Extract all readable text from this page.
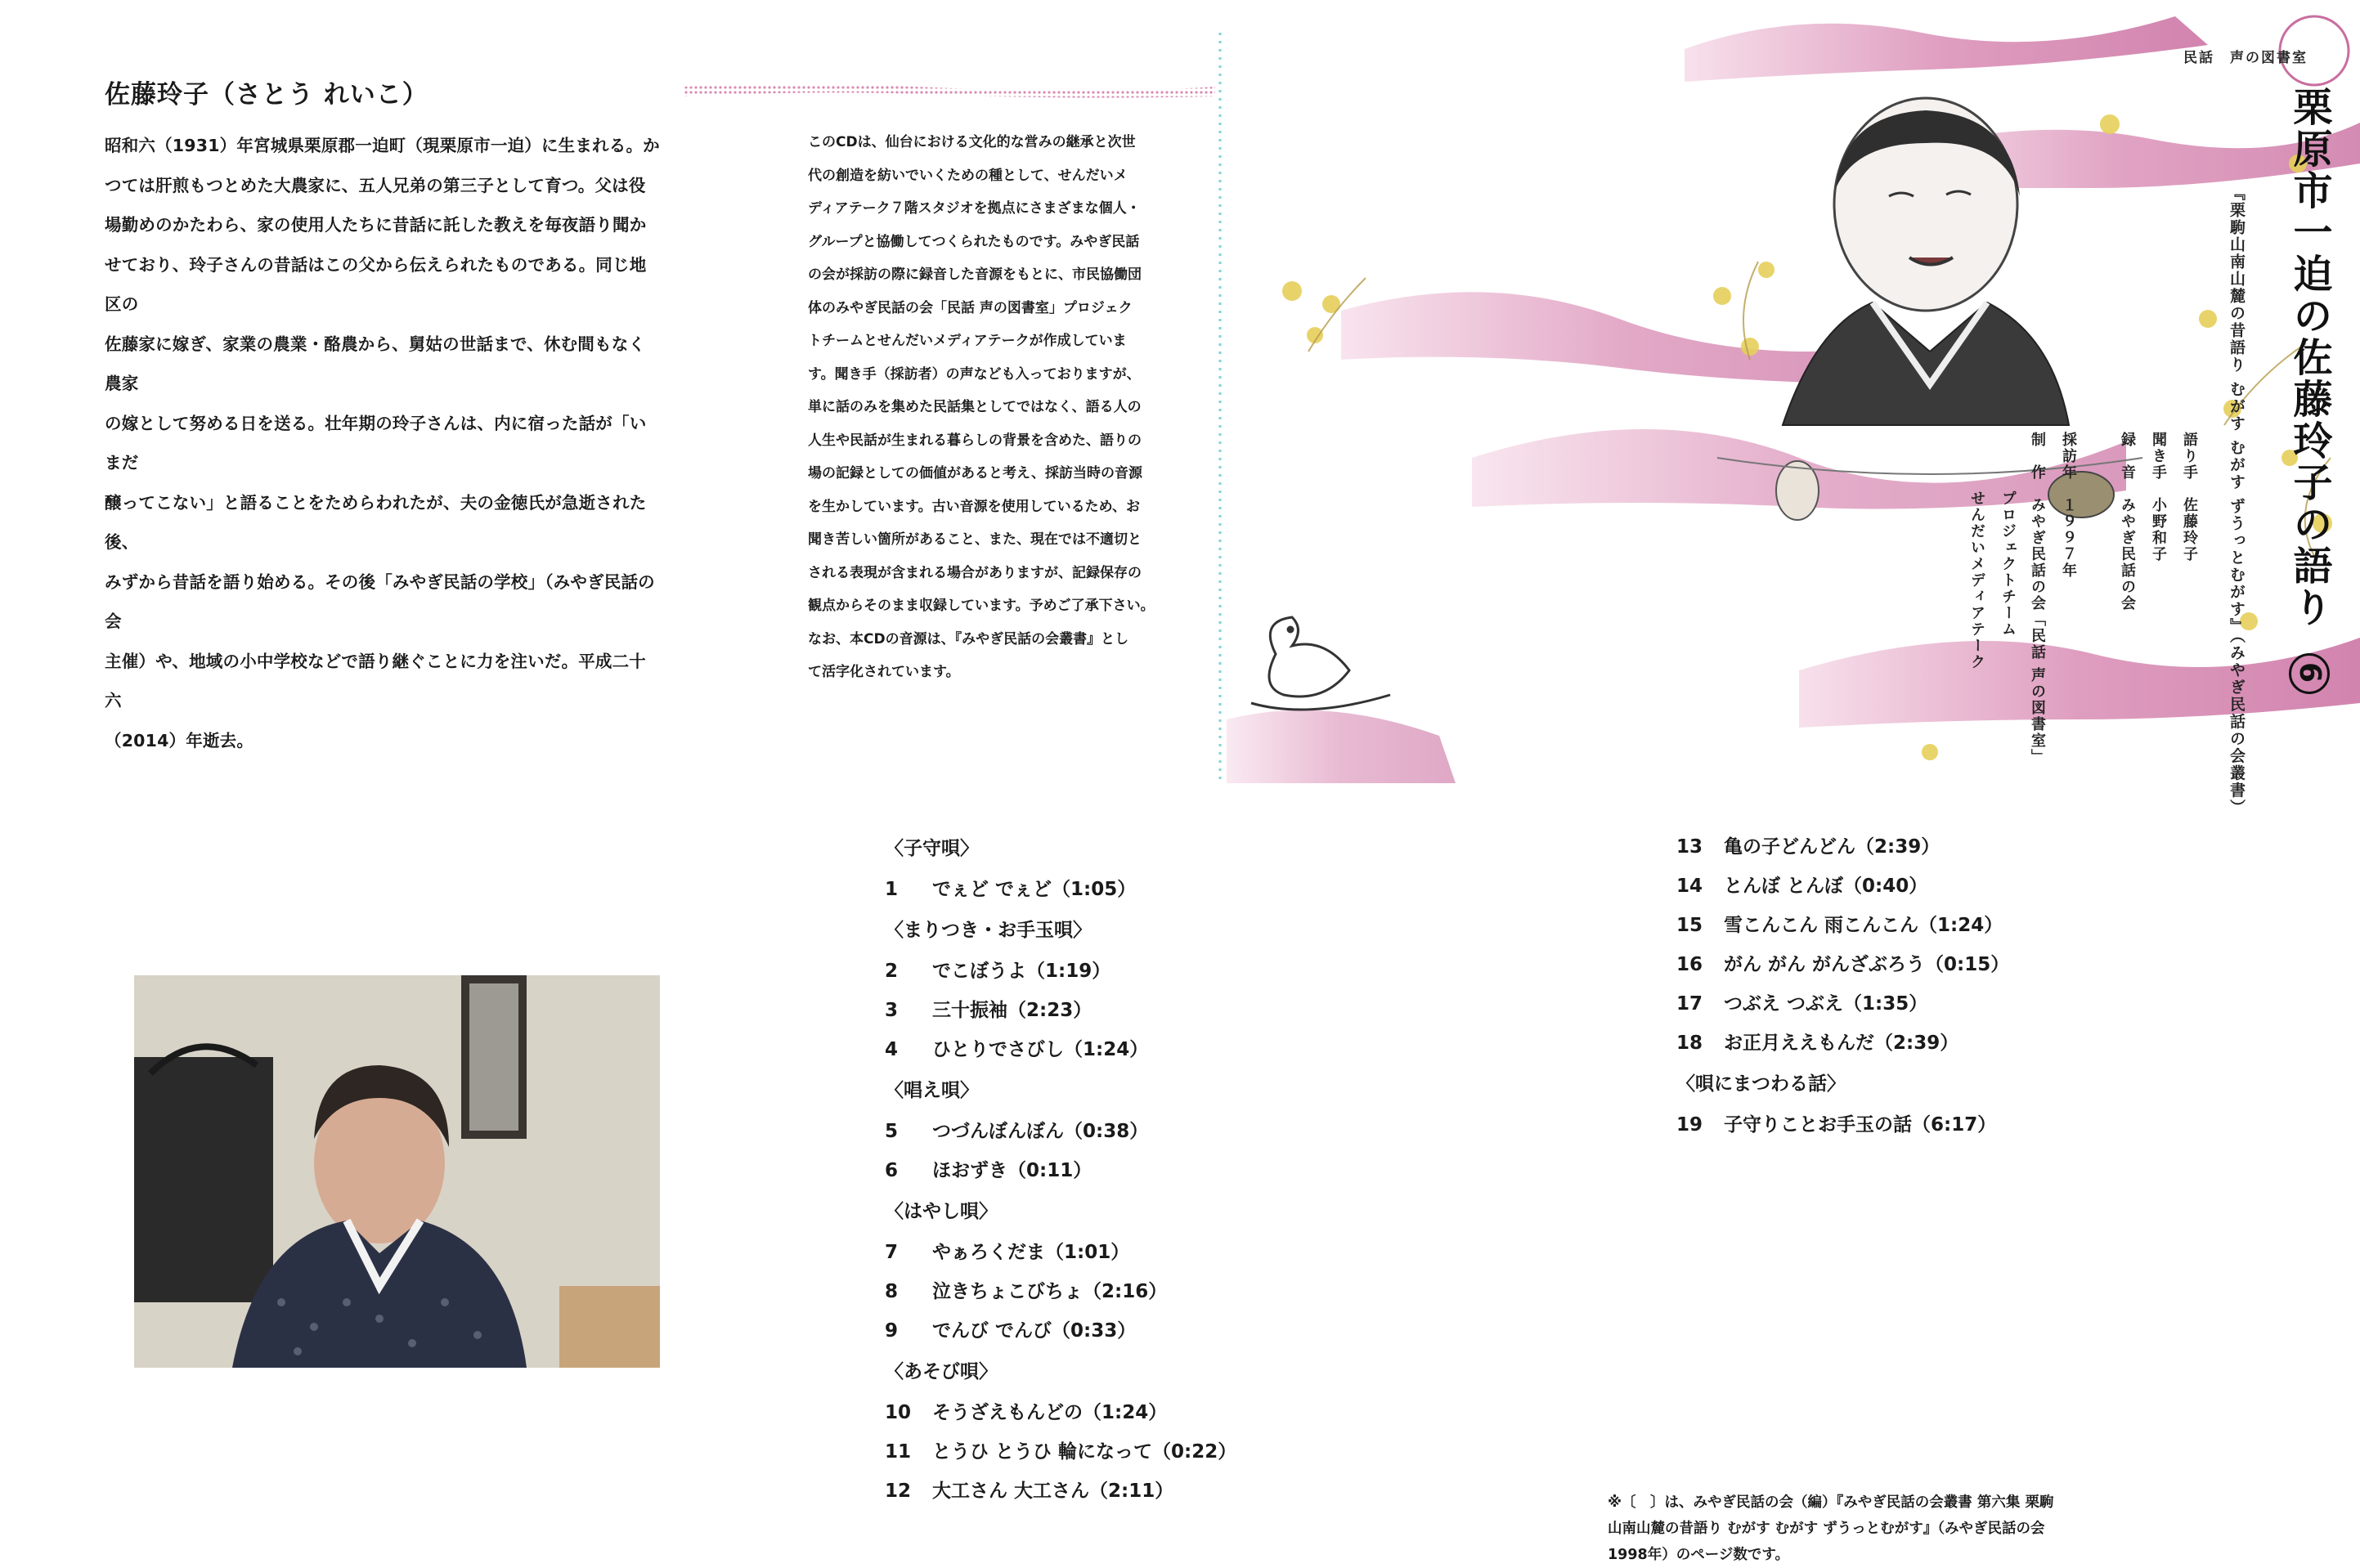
佐藤玲子（さとう れいこ）

昭和六（1931）年宮城県栗原郡一迫町（現栗原市一迫）に生まれる。か

つては肝煎もつとめた大農家に、五人兄弟の第三子として育つ。父は役

場勤めのかたわら、家の使用人たちに昔話に託した教えを毎夜語り聞か

せており、玲子さんの昔話はこの父から伝えられたものである。同じ地区の

佐藤家に嫁ぎ、家業の農業・酪農から、舅姑の世話まで、休む間もなく農家

の嫁として努める日を送る。壮年期の玲子さんは、内に宿った話が「いまだ

醸ってこない」と語ることをためらわれたが、夫の金徳氏が急逝された後、

みずから昔話を語り始める。その後「みやぎ民話の学校」（みやぎ民話の会

主催）や、地域の小中学校などで語り継ぐことに力を注いだ。平成二十六

（2014）年逝去。

このCDは、仙台における文化的な営みの継承と次世
代の創造を紡いでいくための種として、せんだいメ
ディアテーク７階スタジオを拠点にさまざまな個人・
グループと協働してつくられたものです。みやぎ民話
の会が採訪の際に録音した音源をもとに、市民協働団
体のみやぎ民話の会「民話 声の図書室」プロジェク
トチームとせんだいメディアテークが作成していま
す。聞き手（採訪者）の声なども入っておりますが、
単に話のみを集めた民話集としてではなく、語る人の
人生や民話が生まれる暮らしの背景を含めた、語りの
場の記録としての価値があると考え、採訪当時の音源
を生かしています。古い音源を使用しているため、お
聞き苦しい箇所があること、また、現在では不適切と
される表現が含まれる場合がありますが、記録保存の
観点からそのまま収録しています。予めご了承下さい。
なお、本CDの音源は、『みやぎ民話の会叢書』とし
て活字化されています。
民話　声の図書室
栗原市一迫の佐藤玲子の語り 6
『栗駒山南山麓の昔語り むがす むがす ずうっとむがす』（みやぎ民話の会叢書）
語り手　佐藤玲子
聞き手　小野和子
録　音　みやぎ民話の会
採訪年　１９９７年
制　作　みやぎ民話の会「民話 声の図書室」
プロジェクトチーム
せんだいメディアテーク
〈子守唄〉
1 でぇど でぇど（1:05）
〈まりつき・お手玉唄〉
2 でこぼうよ（1:19）
3 三十振袖（2:23）
4 ひとりでさびし（1:24）
〈唱え唄〉
5 つづんぼんぼん（0:38）
6 ほおずき（0:11）
〈はやし唄〉
7 やぁろくだま（1:01）
8 泣きちょこびちょ（2:16）
9 でんび でんび（0:33）
〈あそび唄〉
10 そうざえもんどの（1:24）
11 とうひ とうひ 輪になって（0:22）
12 大工さん 大工さん（2:11）
13 亀の子どんどん（2:39）
14 とんぼ とんぼ（0:40）
15 雪こんこん 雨こんこん（1:24）
16 がん がん がんざぶろう（0:15）
17 つぶえ つぶえ（1:35）
18 お正月ええもんだ（2:39）
〈唄にまつわる話〉
19 子守りことお手玉の話（6:17）
※〔　〕は、みやぎ民話の会（編）『みやぎ民話の会叢書 第六集 栗駒山南山麓の昔語り むがす むがす ずうっとむがす』（みやぎ民話の会　1998年）のページ数です。
